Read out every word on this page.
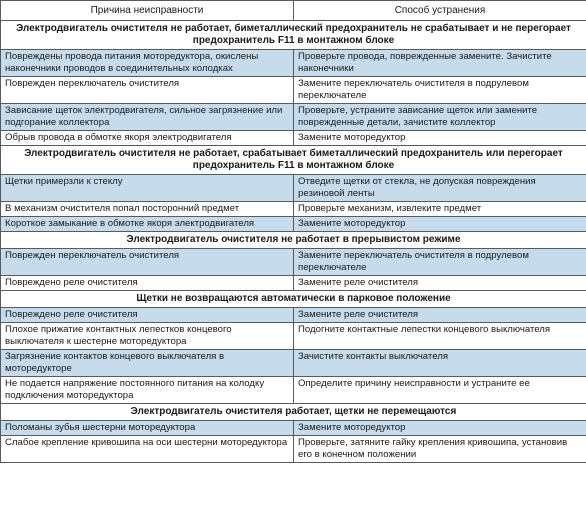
Причина неисправности	Способ устранения
Электродвигатель очистителя не работает, биметаллический предохранитель не срабатывает и не перегорает предохранитель F11 в монтажном блоке	
Повреждены провода питания моторедуктора, окислены наконечники проводов в соединительных колодках	Проверьте провода, поврежденные замените. Зачистите наконечники
Поврежден переключатель очистителя	Замените переключатель очистителя в подрулевом переключателе
Зависание щеток электродвигателя, сильное загрязнение или подгорание коллектора	Проверьте, устраните зависание щеток или замените поврежденные детали, зачистите коллектор
Обрыв провода в обмотке якоря электродвигателя	Замените моторедуктор
Электродвигатель очистителя не работает, срабатывает биметаллический предохранитель или перегорает предохранитель F11 в монтажном блоке	
Щетки примерзли к стеклу	Отведите щетки от стекла, не допуская повреждения резиновой ленты
В механизм очистителя попал посторонний предмет	Проверьте механизм, извлеките предмет
Короткое замыкание в обмотке якоря электродвигателя	Замените моторедуктор
Электродвигатель очистителя не работает в прерывистом режиме	
Поврежден переключатель очистителя	Замените переключатель очистителя в подрулевом переключателе
Повреждено реле очистителя	Замените реле очистителя
Щетки не возвращаются автоматически в парковое положение	
Повреждено реле очистителя	Замените реле очистителя
Плохое прижатие контактных лепестков концевого выключателя к шестерне моторедуктора	Подогните контактные лепестки концевого выключателя
Загрязнение контактов концевого выключателя в моторедукторе	Зачистите контакты выключателя
Не подается напряжение постоянного питания на колодку подключения моторедуктора	Определите причину неисправности и устраните ее
Электродвигатель очистителя работает, щетки не перемещаются	
Поломаны зубья шестерни моторедуктора	Замените моторедуктор
Слабое крепление кривошипа на оси шестерни моторедуктора	Проверьте, затяните гайку крепления кривошипа, установив его в конечном положении
